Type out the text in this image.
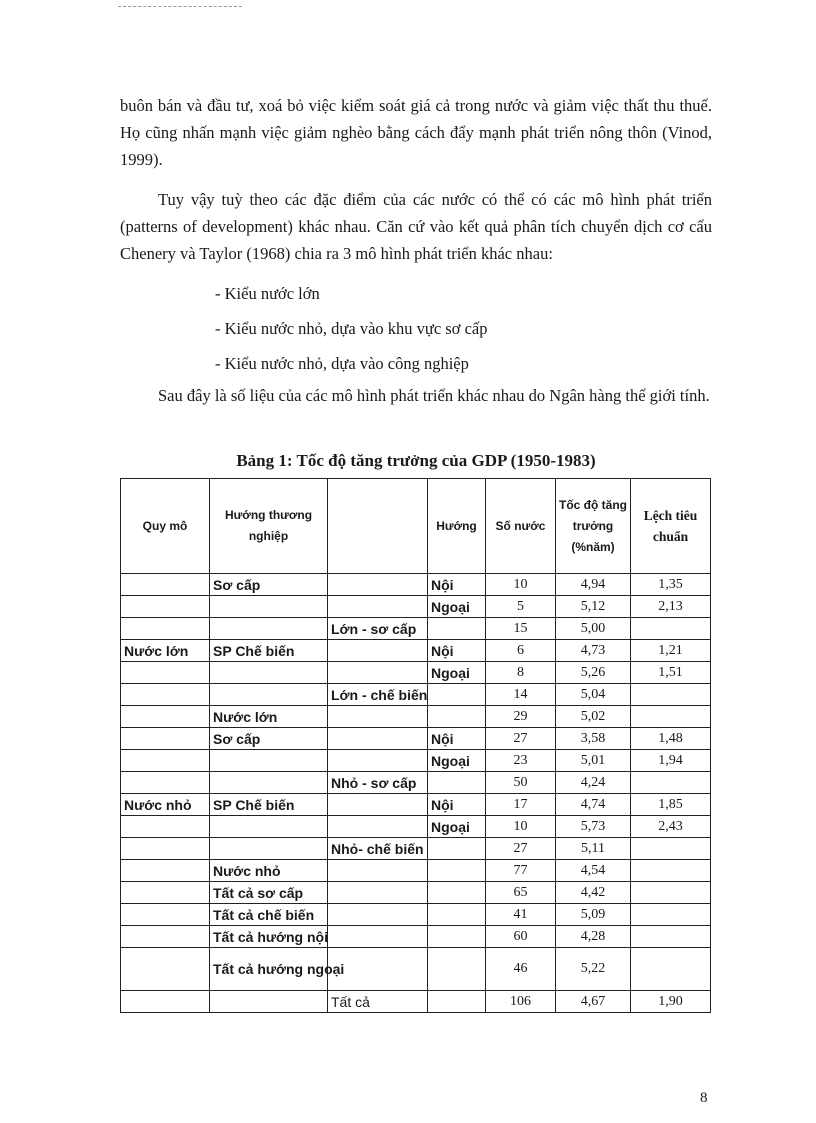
buôn bán và đầu tư, xoá bỏ việc kiểm soát giá cả trong nước và giảm việc thất thu thuế. Họ cũng nhấn mạnh việc giảm nghèo bằng cách đẩy mạnh phát triển nông thôn (Vinod, 1999).
Tuy vậy tuỳ theo các đặc điểm của các nước có thể có các mô hình phát triển (patterns of development) khác nhau. Căn cứ vào kết quả phân tích chuyển dịch cơ cấu Chenery và Taylor (1968) chia ra 3 mô hình phát triển khác nhau:
- Kiểu nước lớn
- Kiểu nước nhỏ, dựa vào khu vực sơ cấp
- Kiểu nước nhỏ, dựa vào công nghiệp
Sau đây là số liệu của các mô hình phát triển khác nhau do Ngân hàng thế giới tính.
Bảng 1: Tốc độ tăng trưởng của GDP (1950-1983)
Quy mô	Hướng thương nghiệp		Hướng	Số nước	Tốc độ tăng trưởng (%năm)	Lệch tiêu chuẩn
	Sơ cấp		Nội	10	4,94	1,35
			Ngoại	5	5,12	2,13
		Lớn - sơ cấp		15	5,00	
Nước lớn	SP Chế biến		Nội	6	4,73	1,21
			Ngoại	8	5,26	1,51
		Lớn - chế biến		14	5,04	
	Nước lớn			29	5,02	
	Sơ cấp		Nội	27	3,58	1,48
			Ngoại	23	5,01	1,94
		Nhỏ - sơ cấp		50	4,24	
Nước nhỏ	SP Chế biến		Nội	17	4,74	1,85
			Ngoại	10	5,73	2,43
		Nhỏ- chế biến		27	5,11	
	Nước nhỏ			77	4,54	
	Tất cả sơ cấp			65	4,42	
	Tất cả chế biến			41	5,09	
	Tất cả hướng nội			60	4,28	
	Tất cả hướng ngoại			46	5,22	
		Tất cả		106	4,67	1,90
8
